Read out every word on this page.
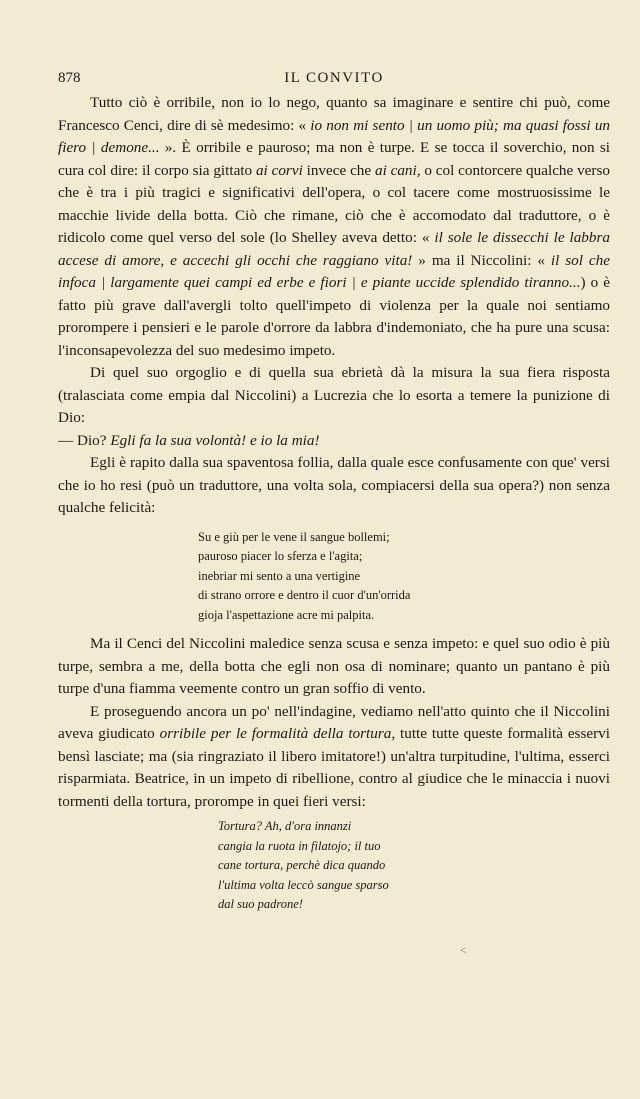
878	IL CONVITO

Tutto ciò è orribile, non io lo nego, quanto sa imaginare e sentire chi può, come Francesco Cenci, dire di sè medesimo: « io non mi sento | un uomo più; ma quasi fossi un fiero | demone... ». È orribile e pauroso; ma non è turpe. E se tocca il soverchio, non si cura col dire: il corpo sia gittato ai corvi invece che ai cani, o col contorcere qualche verso che è tra i più tragici e significativi dell'opera, o col tacere come mostruosissime le macchie livide della botta. Ciò che rimane, ciò che è accomodato dal traduttore, o è ridicolo come quel verso del sole (lo Shelley aveva detto: « il sole le dissecchi le labbra accese di amore, e accechi gli occhi che raggiano vita! » ma il Niccolini: « il sol che infoca | largamente quei campi ed erbe e fiori | e piante uccide splendido tiranno...) o è fatto più grave dall'avergli tolto quell'impeto di violenza per la quale noi sentiamo prorompere i pensieri e le parole d'orrore da labbra d'indemoniato, che ha pure una scusa: l'inconsapevolezza del suo medesimo impeto.

Di quel suo orgoglio e di quella sua ebrietà dà la misura la sua fiera risposta (tralasciata come empia dal Niccolini) a Lucrezia che lo esorta a temere la punizione di Dio:

— Dio? Egli fa la sua volontà! e io la mia!

Egli è rapito dalla sua spaventosa follia, dalla quale esce confusamente con que' versi che io ho resi (può un traduttore, una volta sola, compiacersi della sua opera?) non senza qualche felicità:

Su e giù per le vene il sangue bollemi;
pauroso piacer lo sferza e l'agita;
inebriar mi sento a una vertigine
di strano orrore e dentro il cuor d'un'orrida
gioja l'aspettazione acre mi palpita.

Ma il Cenci del Niccolini maledice senza scusa e senza impeto: e quel suo odio è più turpe, sembra a me, della botta che egli non osa di nominare; quanto un pantano è più turpe d'una fiamma veemente contro un gran soffio di vento.

E proseguendo ancora un po' nell'indagine, vediamo nell'atto quinto che il Niccolini aveva giudicato orribile per le formalità della tortura, tutte tutte queste formalità esservi bensì lasciate; ma (sia ringraziato il libero imitatore!) un'altra turpitudine, l'ultima, esserci risparmiata. Beatrice, in un impeto di ribellione, contro al giudice che le minaccia i nuovi tormenti della tortura, prorompe in quei fieri versi:

Tortura? Ah, d'ora innanzi
cangia la ruota in filatojo; il tuo
cane tortura, perchè dica quando
l'ultima volta leccò sangue sparso
dal suo padrone!
<
